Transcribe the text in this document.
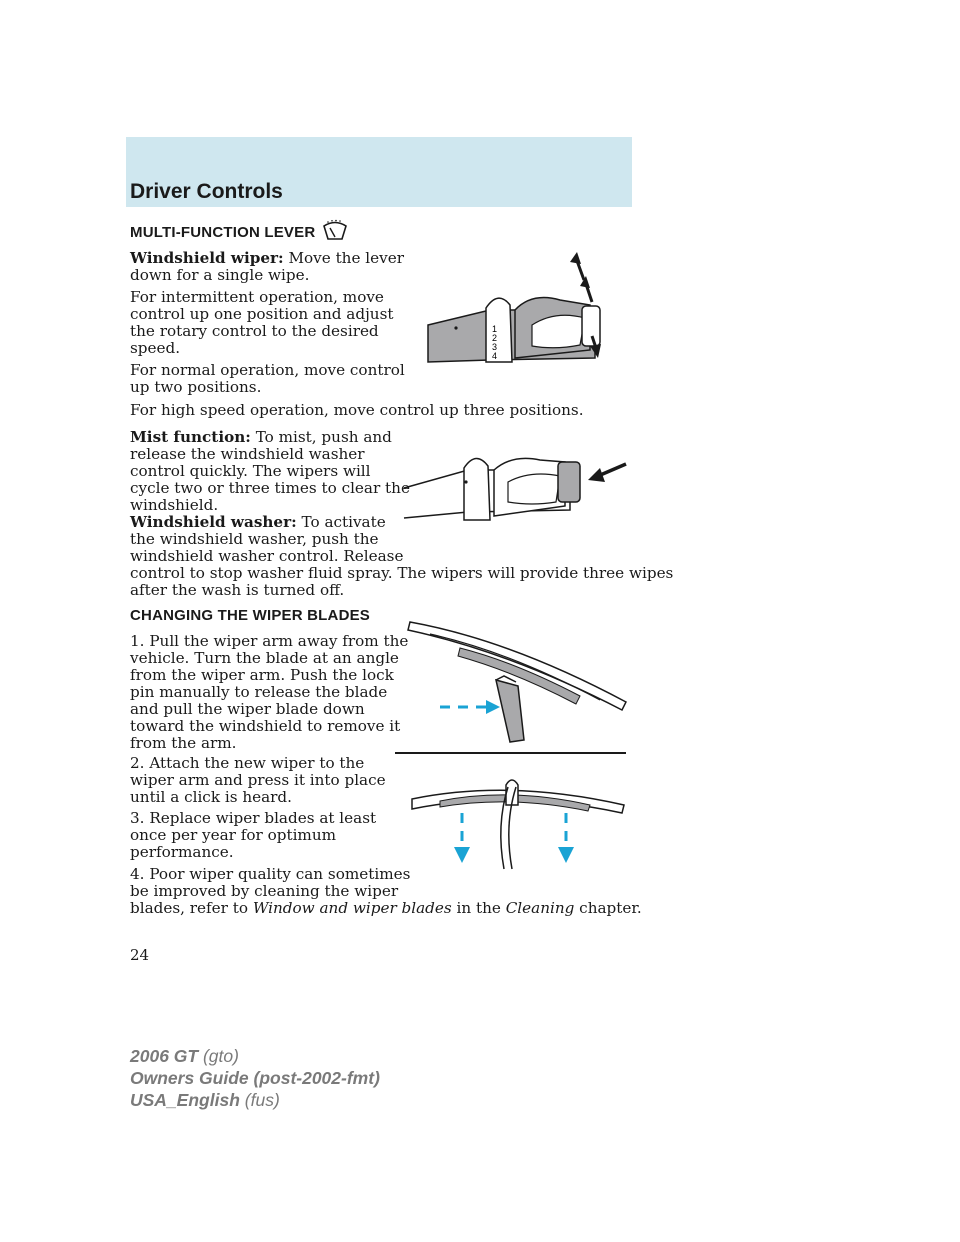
Driver Controls
MULTI-FUNCTION LEVER

Windshield wiper: Move the lever
down for a single wipe.

For intermittent operation, move
control up one position and adjust
the rotary control to the desired
speed.

For normal operation, move control
up two positions.

For high speed operation, move control up three positions.

1
2
3
4

Mist function: To mist, push and
release the windshield washer
control quickly. The wipers will
cycle two or three times to clear the
windshield.

Windshield washer: To activate
the windshield washer, push the
windshield washer control. Release
control to stop washer fluid spray. The wipers will provide three wipes
after the wash is turned off.

CHANGING THE WIPER BLADES

1. Pull the wiper arm away from the
vehicle. Turn the blade at an angle
from the wiper arm. Push the lock
pin manually to release the blade
and pull the wiper blade down
toward the windshield to remove it
from the arm.

2. Attach the new wiper to the
wiper arm and press it into place
until a click is heard.

3. Replace wiper blades at least
once per year for optimum
performance.

4. Poor wiper quality can sometimes
be improved by cleaning the wiper
blades, refer to Window and wiper blades in the Cleaning chapter.

24
2006 GT (gto)
Owners Guide (post-2002-fmt)
USA_English (fus)
